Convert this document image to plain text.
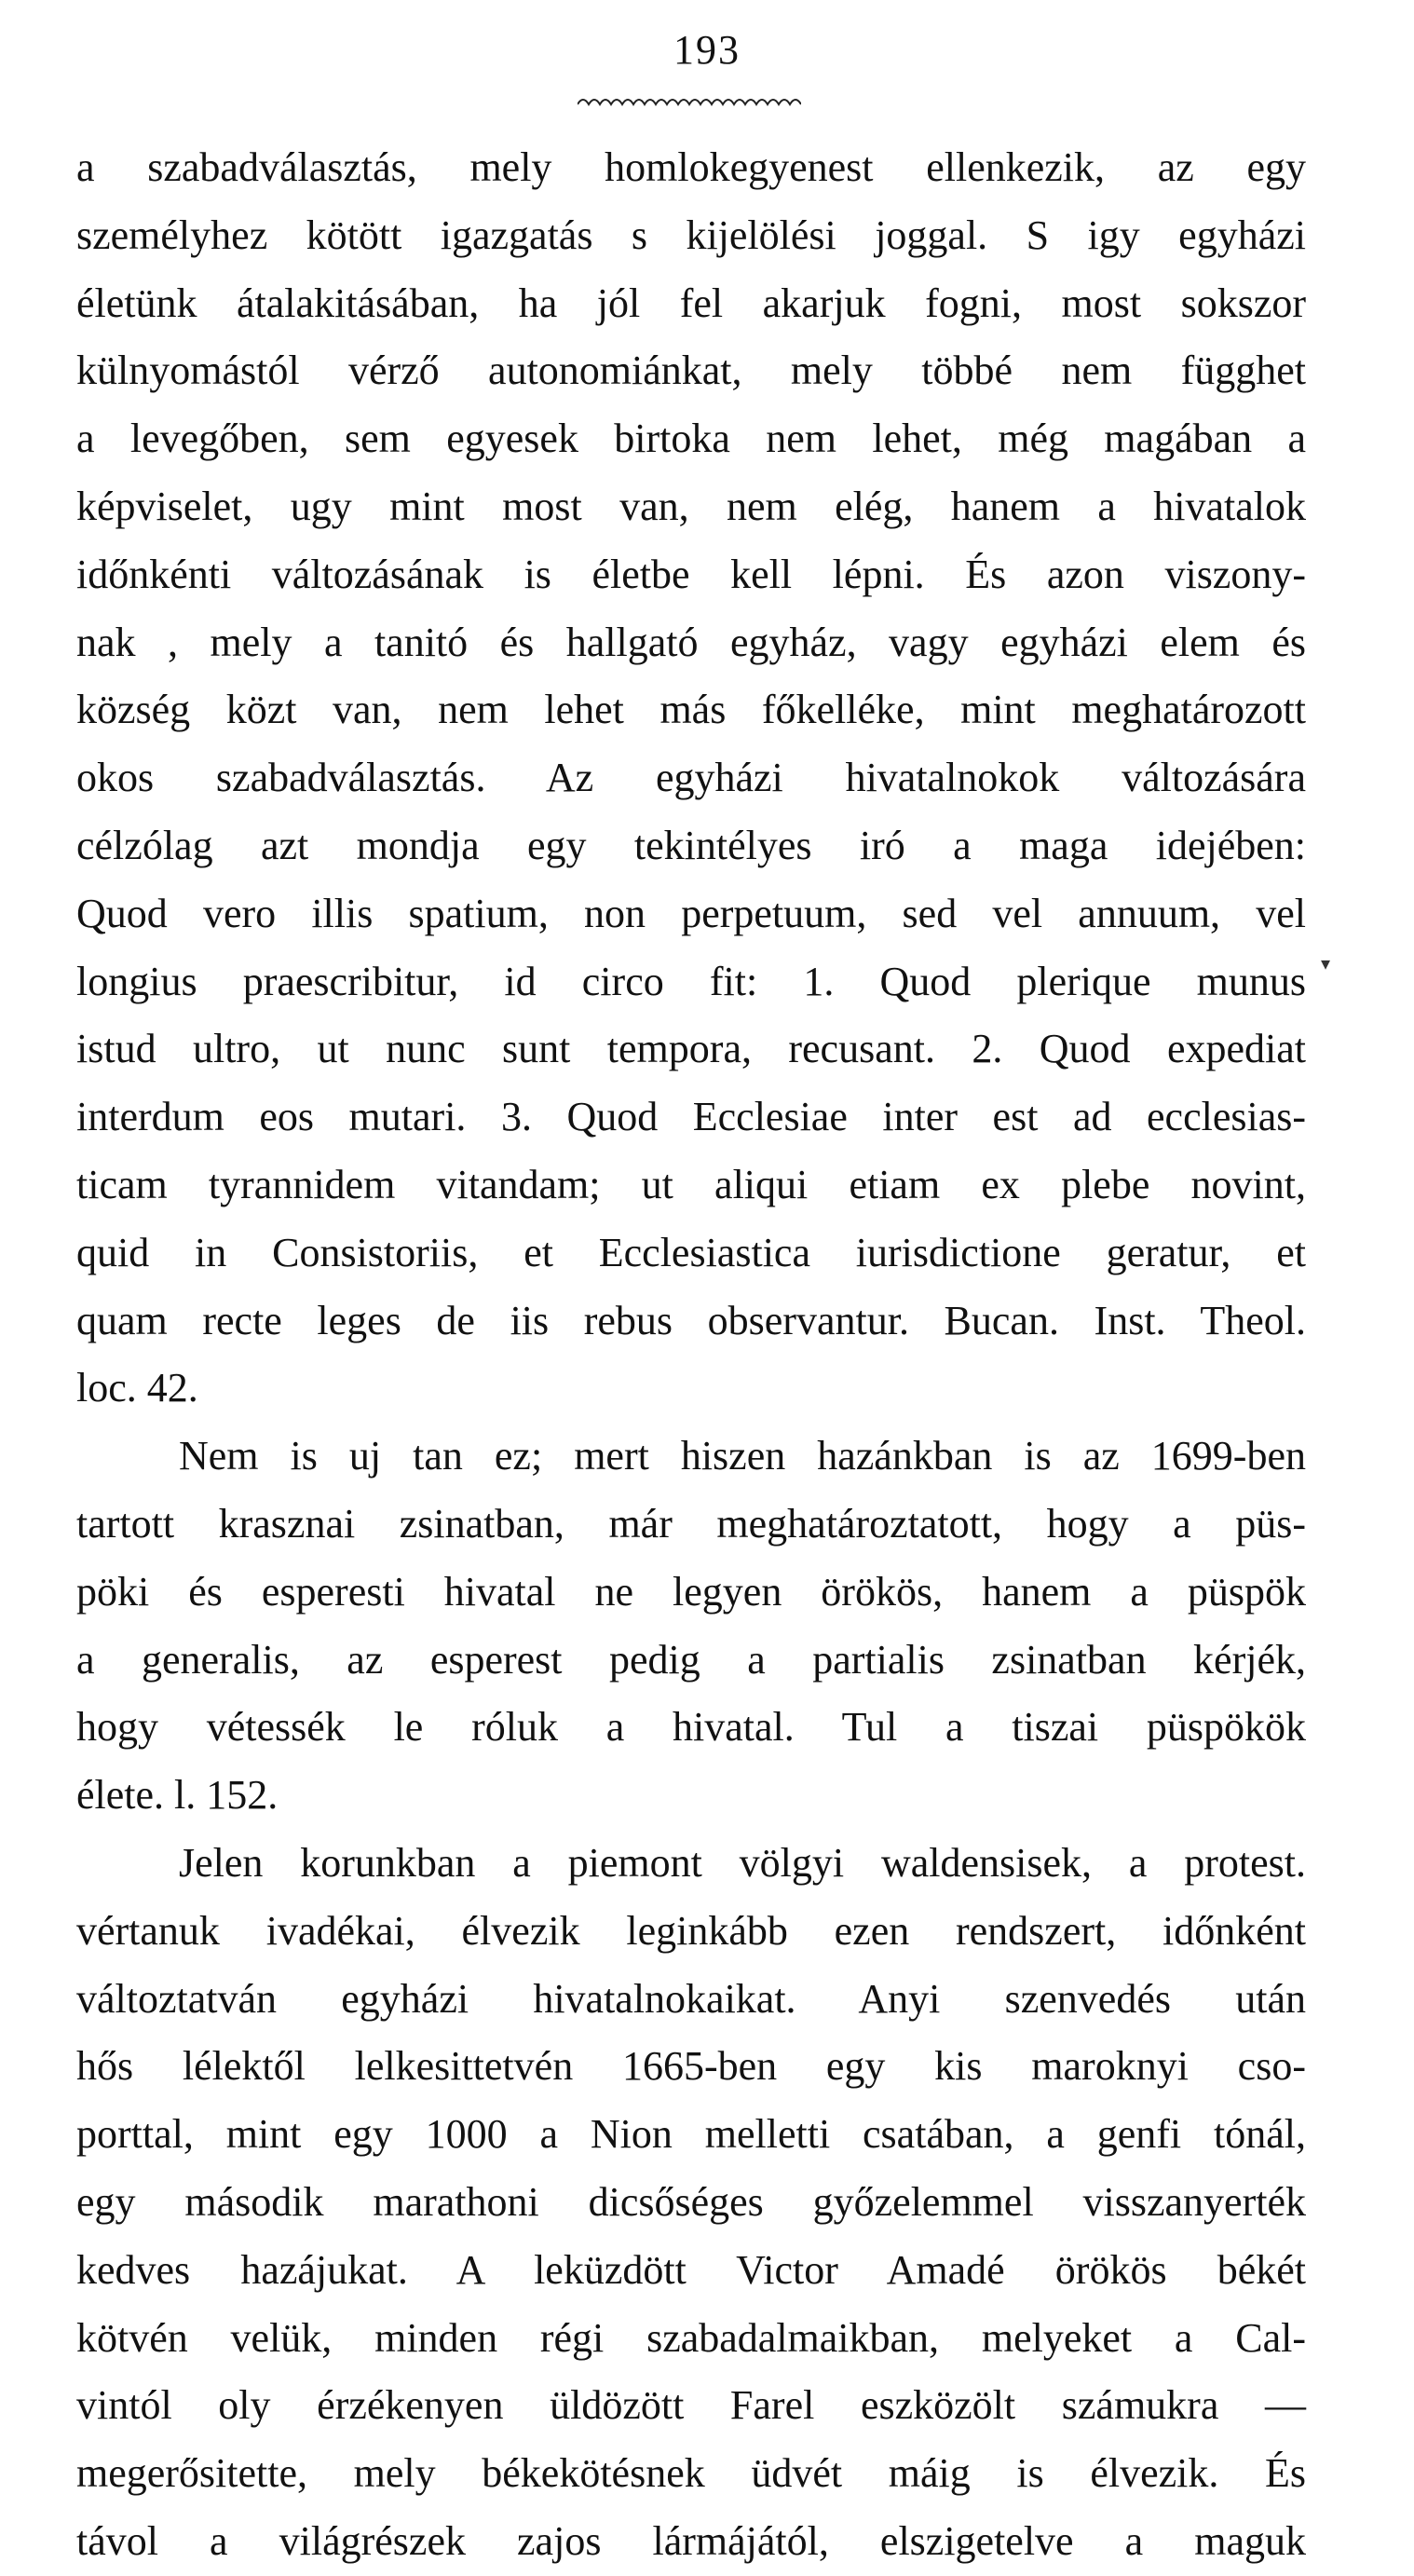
193
a szabadválasztás, mely homlokegyenest ellenkezik, az egy
személyhez kötött igazgatás s kijelölési joggal. S igy egyházi
életünk átalakitásában, ha jól fel akarjuk fogni, most sokszor
külnyomástól vérző autonomiánkat, mely többé nem függhet
a levegőben, sem egyesek birtoka nem lehet, még magában a
képviselet, ugy mint most van, nem elég, hanem a hivatalok
időnkénti változásának is életbe kell lépni. És azon viszony-
nak , mely a tanitó és hallgató egyház, vagy egyházi elem és
község közt van, nem lehet más főkelléke, mint meghatározott
okos szabadválasztás. Az egyházi hivatalnokok változására
célzólag azt mondja egy tekintélyes iró a maga idejében:
Quod vero illis spatium, non perpetuum, sed vel annuum, vel
longius praescribitur, id circo fit: 1. Quod plerique munus
istud ultro, ut nunc sunt tempora, recusant. 2. Quod expediat
interdum eos mutari. 3. Quod Ecclesiae inter est ad ecclesias-
ticam tyrannidem vitandam; ut aliqui etiam ex plebe novint,
quid in Consistoriis, et Ecclesiastica iurisdictione geratur, et
quam recte leges de iis rebus observantur. Bucan. Inst. Theol.
loc. 42.
Nem is uj tan ez; mert hiszen hazánkban is az 1699-ben
tartott krasznai zsinatban, már meghatároztatott, hogy a püs-
pöki és esperesti hivatal ne legyen örökös, hanem a püspök
a generalis, az esperest pedig a partialis zsinatban kérjék,
hogy vétessék le róluk a hivatal. Tul a tiszai püspökök
élete. l. 152.
Jelen korunkban a piemont völgyi waldensisek, a protest.
vértanuk ivadékai, élvezik leginkább ezen rendszert, időnként
változtatván egyházi hivatalnokaikat. Anyi szenvedés után
hős lélektől lelkesittetvén 1665-ben egy kis maroknyi cso-
porttal, mint egy 1000 a Nion melletti csatában, a genfi tónál,
egy második marathoni dicsőséges győzelemmel visszanyerték
kedves hazájukat. A leküzdött Victor Amadé örökös békét
kötvén velük, minden régi szabadalmaikban, melyeket a Cal-
vintól oly érzékenyen üldözött Farel eszközölt számukra —
megerősitette, mely békekötésnek üdvét máig is élvezik. És
távol a világrészek zajos lármájától, elszigetelve a maguk
▾
